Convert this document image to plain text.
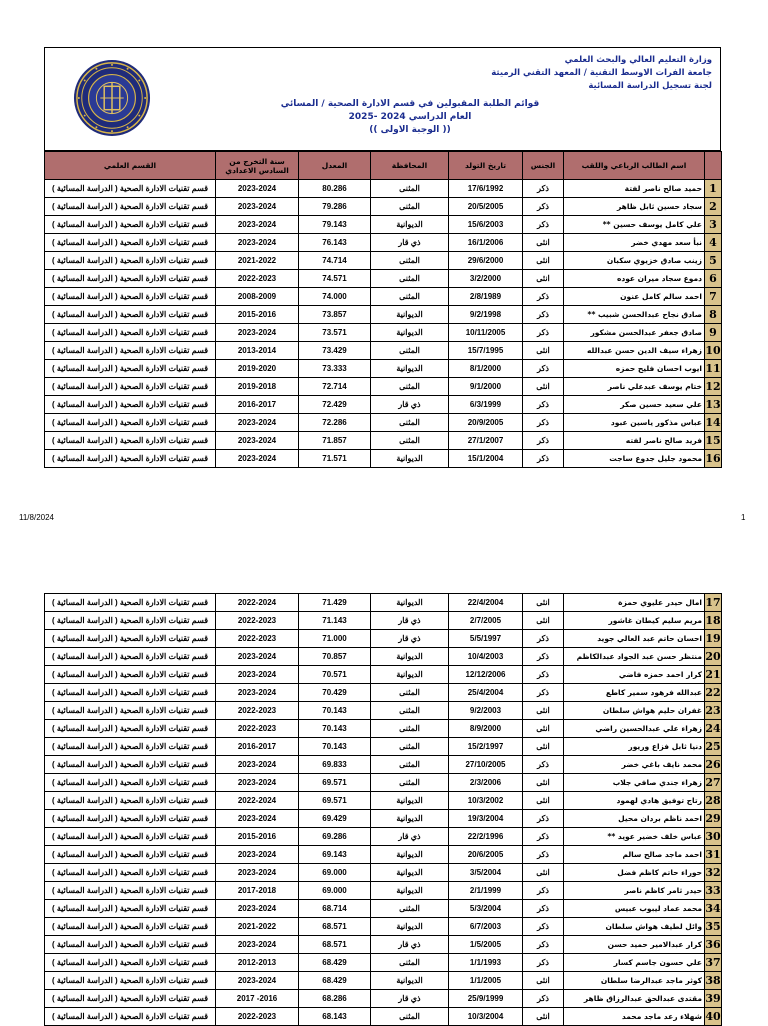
وزارة التعليم العالي والبحث العلمي
جامعة الفرات الاوسط التقنية / المعهد التقني الرميثة
لجنة تسجيل الدراسة المسائية
قوائم الطلبة المقبولين في قسم الادارة الصحية / المسائي
العام الدراسي 2024 -2025
(( الوجبة الاولى ))
	اسم الطالب الرباعي واللقب	الجنس	تاريخ التولد	المحافظة	المعدل	سنة التخرج من السادس الاعدادي	القسم العلمي
1	حميد صالح ناصر لفتة	ذكر	17/6/1992	المثنى	80.286	2023-2024	قسم تقنيات الادارة الصحية ( الدراسة المسائية )
2	سجاد حسين ثابل ظاهر	ذكر	20/5/2005	المثنى	79.286	2023-2024	قسم تقنيات الادارة الصحية ( الدراسة المسائية )
3	علي كامل يوسف حسين **	ذكر	15/6/2003	الديوانية	79.143	2023-2024	قسم تقنيات الادارة الصحية ( الدراسة المسائية )
4	نبأ سعد مهدي خضر	انثى	16/1/2006	ذي قار	76.143	2023-2024	قسم تقنيات الادارة الصحية ( الدراسة المسائية )
5	زينب صادق خزيوي سكبان	انثى	29/6/2000	المثنى	74.714	2021-2022	قسم تقنيات الادارة الصحية ( الدراسة المسائية )
6	دموع سجاد ميران عوده	انثى	3/2/2000	المثنى	74.571	2022-2023	قسم تقنيات الادارة الصحية ( الدراسة المسائية )
7	احمد سالم كامل عنون	ذكر	2/8/1989	المثنى	74.000	2008-2009	قسم تقنيات الادارة الصحية ( الدراسة المسائية )
8	صادق نجاح عبدالحسن شبيب **	ذكر	9/2/1998	الديوانية	73.857	2015-2016	قسم تقنيات الادارة الصحية ( الدراسة المسائية )
9	صادق جعفر عبدالحسن مشكور	ذكر	10/11/2005	الديوانية	73.571	2023-2024	قسم تقنيات الادارة الصحية ( الدراسة المسائية )
10	زهراء سيف الدين حسن عبدالله	انثى	15/7/1995	المثنى	73.429	2013-2014	قسم تقنيات الادارة الصحية ( الدراسة المسائية )
11	ايوب احسان فليح حمزه	ذكر	8/1/2000	الديوانية	73.333	2019-2020	قسم تقنيات الادارة الصحية ( الدراسة المسائية )
12	ختام يوسف عبدعلي ناصر	انثى	9/1/2000	المثنى	72.714	2019-2018	قسم تقنيات الادارة الصحية ( الدراسة المسائية )
13	علي سعيد حسين صكر	ذكر	6/3/1999	ذي قار	72.429	2016-2017	قسم تقنيات الادارة الصحية ( الدراسة المسائية )
14	عباس مذكور ياسين عبود	ذكر	20/9/2005	المثنى	72.286	2023-2024	قسم تقنيات الادارة الصحية ( الدراسة المسائية )
15	فريد صالح ناصر لفته	ذكر	27/1/2007	المثنى	71.857	2023-2024	قسم تقنيات الادارة الصحية ( الدراسة المسائية )
16	محمود جليل جدوع ساجت	ذكر	15/1/2004	الديوانية	71.571	2023-2024	قسم تقنيات الادارة الصحية ( الدراسة المسائية )
11/8/2024	1
17	امال حيدر عليوي حمزة	انثى	22/4/2004	الديوانية	71.429	2022-2024	قسم تقنيات الادارة الصحية ( الدراسة المسائية )
18	مريم سليم كيطان غاشور	انثى	2/7/2005	ذي قار	71.143	2022-2023	قسم تقنيات الادارة الصحية ( الدراسة المسائية )
19	احسان حاتم عبد العالي جويد	ذكر	5/5/1997	ذي قار	71.000	2022-2023	قسم تقنيات الادارة الصحية ( الدراسة المسائية )
20	منتظر حسن عبد الجواد عبدالكاظم	ذكر	10/4/2003	الديوانية	70.857	2023-2024	قسم تقنيات الادارة الصحية ( الدراسة المسائية )
21	كرار احمد حمزه فاضي	ذكر	12/12/2006	الديوانية	70.571	2023-2024	قسم تقنيات الادارة الصحية ( الدراسة المسائية )
22	عبدالله فرهود سمير كاطع	ذكر	25/4/2004	المثنى	70.429	2023-2024	قسم تقنيات الادارة الصحية ( الدراسة المسائية )
23	غفران حليم هواش سلطان	انثى	9/2/2003	المثنى	70.143	2022-2023	قسم تقنيات الادارة الصحية ( الدراسة المسائية )
24	زهراء علي عبدالحسين راضي	انثى	8/9/2000	المثنى	70.143	2022-2023	قسم تقنيات الادارة الصحية ( الدراسة المسائية )
25	دنيا ثابل فزاع وريور	انثى	15/2/1997	المثنى	70.143	2016-2017	قسم تقنيات الادارة الصحية ( الدراسة المسائية )
26	محمد نايف باغي خضر	ذكر	27/10/2005	المثنى	69.833	2023-2024	قسم تقنيات الادارة الصحية ( الدراسة المسائية )
27	زهراء جندي صافي جلاب	انثى	2/3/2006	المثنى	69.571	2023-2024	قسم تقنيات الادارة الصحية ( الدراسة المسائية )
28	رتاج توفيق هادي لهمود	انثى	10/3/2002	الديوانية	69.571	2022-2024	قسم تقنيات الادارة الصحية ( الدراسة المسائية )
29	احمد ناظم بردان محيل	ذكر	19/3/2004	الديوانية	69.429	2023-2024	قسم تقنيات الادارة الصحية ( الدراسة المسائية )
30	عباس خلف خضير عويد **	ذكر	22/2/1996	ذي قار	69.286	2015-2016	قسم تقنيات الادارة الصحية ( الدراسة المسائية )
31	احمد ماجد صالح سالم	ذكر	20/6/2005	الديوانية	69.143	2023-2024	قسم تقنيات الادارة الصحية ( الدراسة المسائية )
32	حوراء حاتم كاظم فضل	انثى	3/5/2004	الديوانية	69.000	2023-2024	قسم تقنيات الادارة الصحية ( الدراسة المسائية )
33	حيدر ثامر كاظم ناصر	ذكر	2/1/1999	الديوانية	69.000	2017-2018	قسم تقنيات الادارة الصحية ( الدراسة المسائية )
34	محمد عماد ليبوب عبيس	ذكر	5/3/2004	المثنى	68.714	2023-2024	قسم تقنيات الادارة الصحية ( الدراسة المسائية )
35	وائل لطيف هواش سلطان	ذكر	6/7/2003	الديوانية	68.571	2021-2022	قسم تقنيات الادارة الصحية ( الدراسة المسائية )
36	كرار عبدالامير حميد حسن	ذكر	1/5/2005	ذي قار	68.571	2023-2024	قسم تقنيات الادارة الصحية ( الدراسة المسائية )
37	علي حسون جاسم كسار	ذكر	1/1/1993	المثنى	68.429	2012-2013	قسم تقنيات الادارة الصحية ( الدراسة المسائية )
38	كوثر ماجد عبدالرضا سلطان	انثى	1/1/2005	الديوانية	68.429	2023-2024	قسم تقنيات الادارة الصحية ( الدراسة المسائية )
39	مقتدى عبدالحق عبدالرزاق ظاهر	ذكر	25/9/1999	ذي قار	68.286	2016- 2017	قسم تقنيات الادارة الصحية ( الدراسة المسائية )
40	شهلاء رعد ماجد محمد	انثى	10/3/2004	المثنى	68.143	2022-2023	قسم تقنيات الادارة الصحية ( الدراسة المسائية )
